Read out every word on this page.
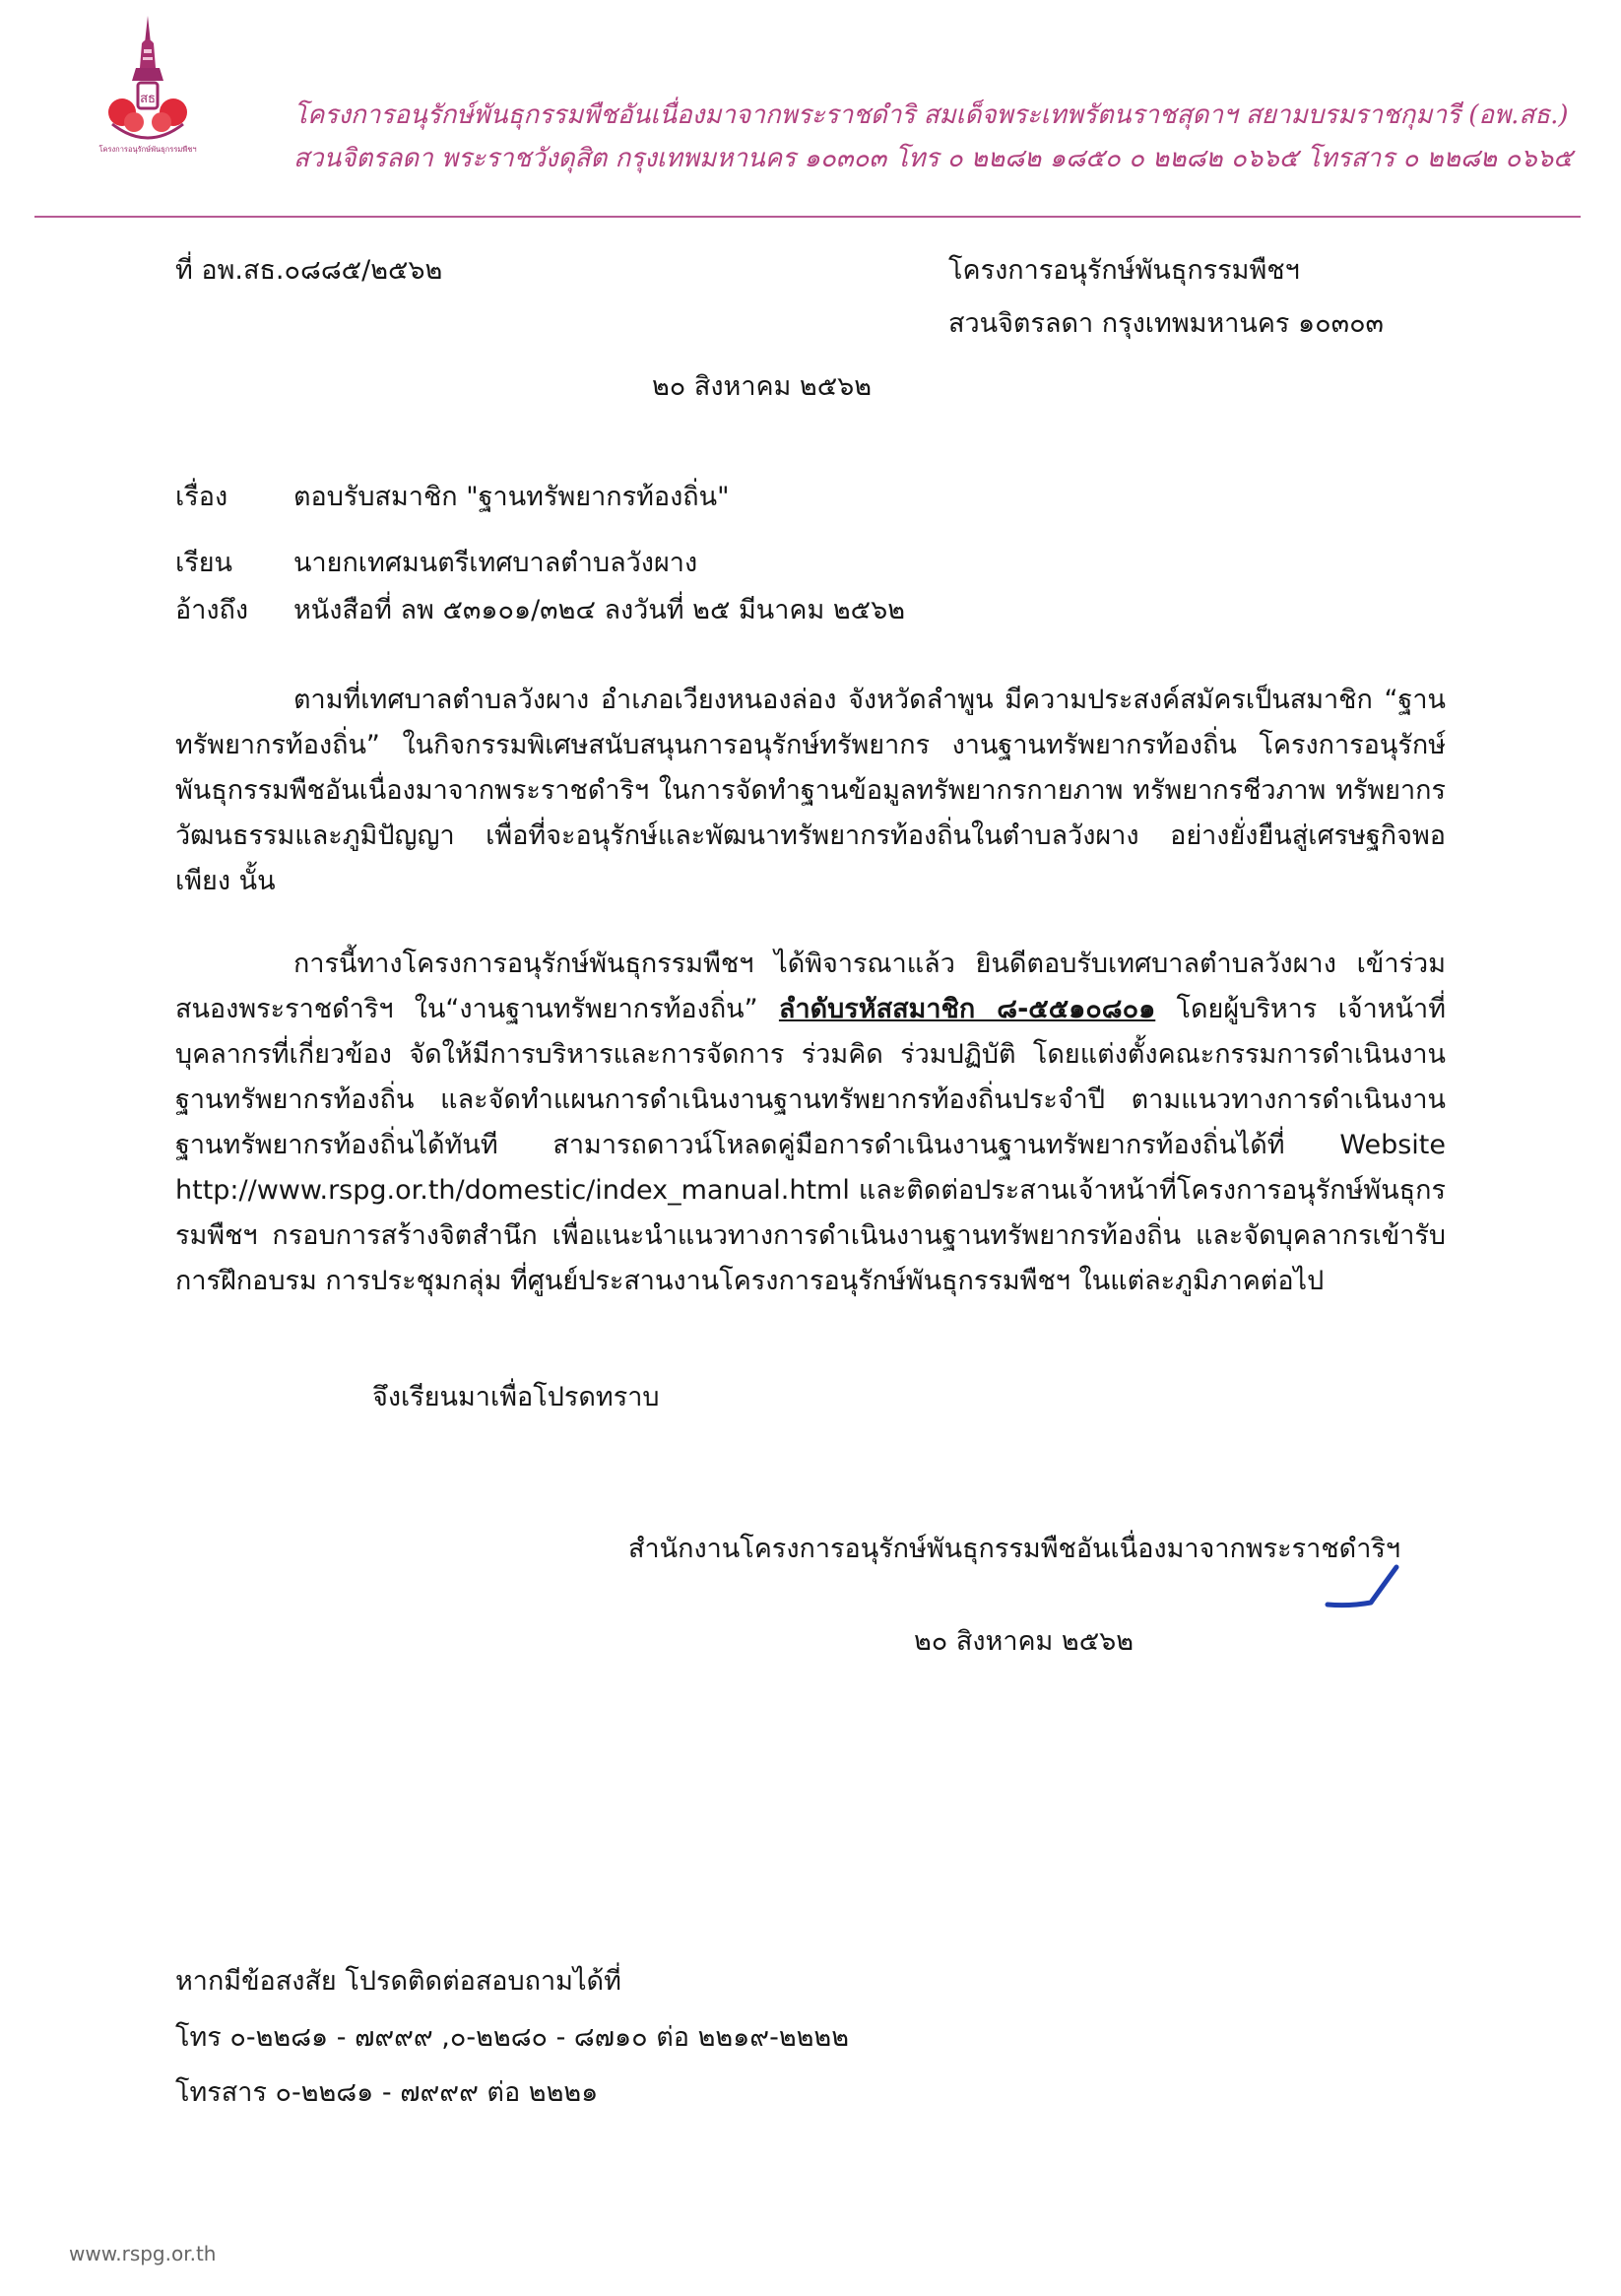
สธ
โครงการอนุรักษ์พันธุกรรมพืชฯ
โครงการอนุรักษ์พันธุกรรมพืชอันเนื่องมาจากพระราชดำริ สมเด็จพระเทพรัตนราชสุดาฯ สยามบรมราชกุมารี (อพ.สธ.)
สวนจิตรลดา พระราชวังดุสิต กรุงเทพมหานคร ๑๐๓๐๓ โทร ๐ ๒๒๘๒ ๑๘๕๐ ๐ ๒๒๘๒ ๐๖๖๕ โทรสาร ๐ ๒๒๘๒ ๐๖๖๕
ที่ อพ.สธ.๐๘๘๕/๒๕๖๒	โครงการอนุรักษ์พันธุกรรมพืชฯ
สวนจิตรลดา กรุงเทพมหานคร ๑๐๓๐๓
๒๐ สิงหาคม ๒๕๖๒
เรื่อง ตอบรับสมาชิก "ฐานทรัพยากรท้องถิ่น"
เรียน นายกเทศมนตรีเทศบาลตำบลวังผาง
อ้างถึง หนังสือที่ ลพ ๕๓๑๐๑/๓๒๔ ลงวันที่ ๒๕ มีนาคม ๒๕๖๒

ตามที่เทศบาลตำบลวังผาง อำเภอเวียงหนองล่อง จังหวัดลำพูน มีความประสงค์สมัครเป็นสมาชิก “ฐานทรัพยากรท้องถิ่น” ในกิจกรรมพิเศษสนับสนุนการอนุรักษ์ทรัพยากร งานฐานทรัพยากรท้องถิ่น โครงการอนุรักษ์พันธุกรรมพืชอันเนื่องมาจากพระราชดำริฯ ในการจัดทำฐานข้อมูลทรัพยากรกายภาพ ทรัพยากรชีวภาพ ทรัพยากรวัฒนธรรมและภูมิปัญญา เพื่อที่จะอนุรักษ์และพัฒนาทรัพยากรท้องถิ่นในตำบลวังผาง อย่างยั่งยืนสู่เศรษฐกิจพอเพียง นั้น

การนี้ทางโครงการอนุรักษ์พันธุกรรมพืชฯ ได้พิจารณาแล้ว ยินดีตอบรับเทศบาลตำบลวังผาง เข้าร่วมสนองพระราชดำริฯ ใน“งานฐานทรัพยากรท้องถิ่น” ลำดับรหัสสมาชิก ๘-๕๕๑๐๘๐๑ โดยผู้บริหาร เจ้าหน้าที่ บุคลากรที่เกี่ยวข้อง จัดให้มีการบริหารและการจัดการ ร่วมคิด ร่วมปฏิบัติ โดยแต่งตั้งคณะกรรมการดำเนินงานฐานทรัพยากรท้องถิ่น และจัดทำแผนการดำเนินงานฐานทรัพยากรท้องถิ่นประจำปี ตามแนวทางการดำเนินงานฐานทรัพยากรท้องถิ่นได้ทันที สามารถดาวน์โหลดคู่มือการดำเนินงานฐานทรัพยากรท้องถิ่นได้ที่ Website http://www.rspg.or.th/domestic/index_manual.html และติดต่อประสานเจ้าหน้าที่โครงการอนุรักษ์พันธุกรรมพืชฯ กรอบการสร้างจิตสำนึก เพื่อแนะนำแนวทางการดำเนินงานฐานทรัพยากรท้องถิ่น และจัดบุคลากรเข้ารับการฝึกอบรม การประชุมกลุ่ม ที่ศูนย์ประสานงานโครงการอนุรักษ์พันธุกรรมพืชฯ ในแต่ละภูมิภาคต่อไป

จึงเรียนมาเพื่อโปรดทราบ
สำนักงานโครงการอนุรักษ์พันธุกรรมพืชอันเนื่องมาจากพระราชดำริฯ
๒๐ สิงหาคม ๒๕๖๒
หากมีข้อสงสัย โปรดติดต่อสอบถามได้ที่
โทร ๐-๒๒๘๑ - ๗๙๙๙ ,๐-๒๒๘๐ - ๘๗๑๐ ต่อ ๒๒๑๙-๒๒๒๒
โทรสาร ๐-๒๒๘๑ - ๗๙๙๙ ต่อ ๒๒๒๑
www.rspg.or.th
